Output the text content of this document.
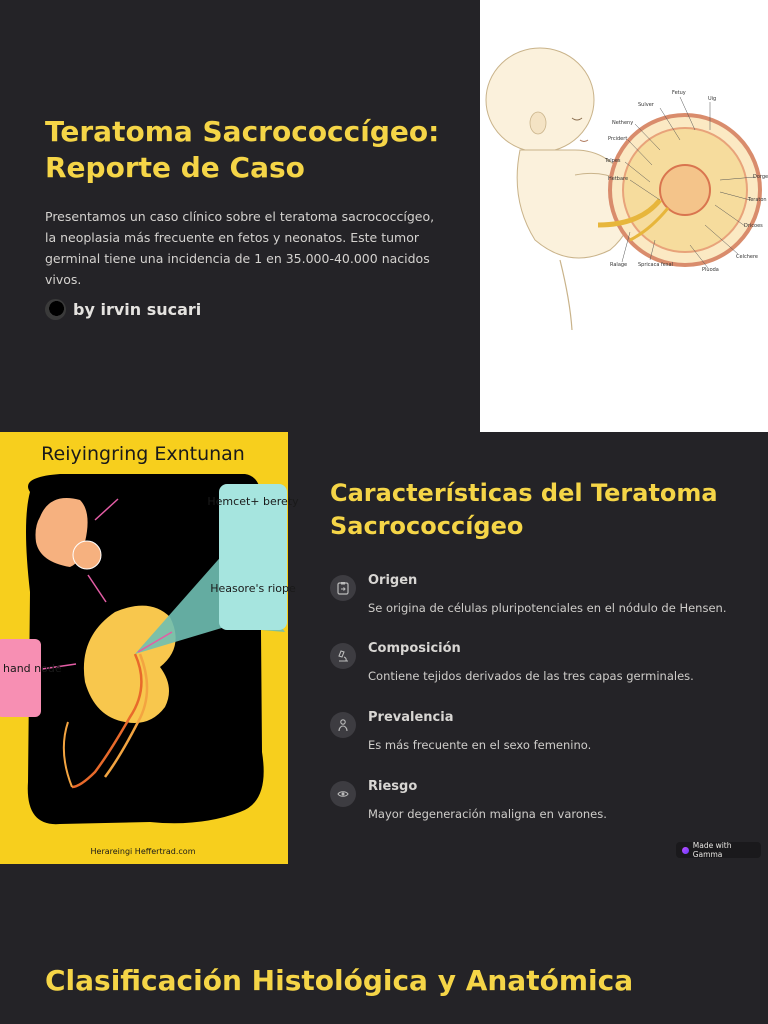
Teratoma Sacrococcígeo: Reporte de Caso

Presentamos un caso clínico sobre el teratoma sacrococcígeo, la neoplasia más frecuente en fetos y neonatos. Este tumor germinal tiene una incidencia de 1 en 35.000-40.000 nacidos vivos.

by irvin sucari
Fetuy
Uig
Sulver
Netheny
Prcidert
Telpes
Hetbare	Dorge
Teraton
Dricoes
Celchere
Ralage Spricaca fesal
Pluoda
Reiyingring Exntunan
Hemcet+ berety
Heasore's riope
hand node
Herareingi Heffertrad.com
Características del Teratoma Sacrococcígeo
Origen

Se origina de células pluripotenciales en el nódulo de Hensen.

Composición

Contiene tejidos derivados de las tres capas germinales.

Prevalencia

Es más frecuente en el sexo femenino.

Riesgo

Mayor degeneración maligna en varones.

Made with Gamma
Clasificación Histológica y Anatómica
